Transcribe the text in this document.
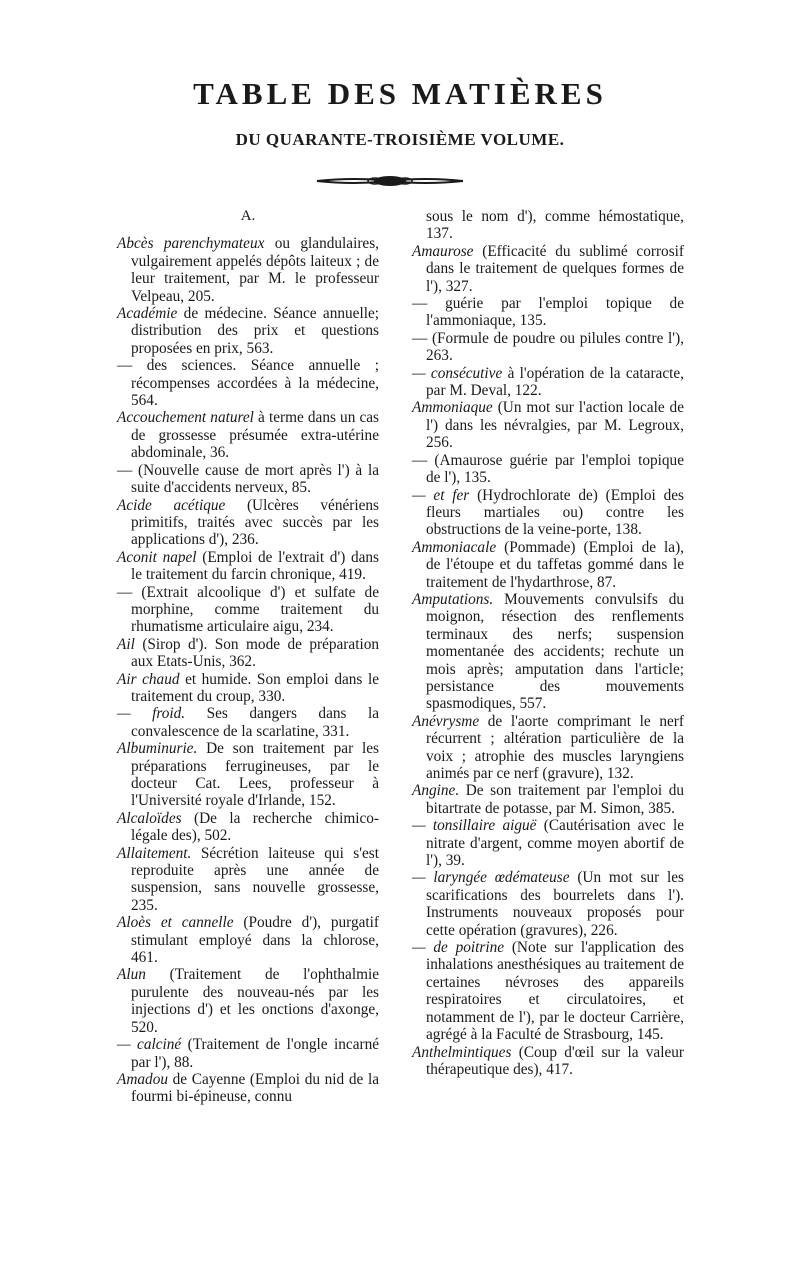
TABLE DES MATIÈRES
DU QUARANTE-TROISIÈME VOLUME.
A.
Abcès parenchymateux ou glandulaires, vulgairement appelés dépôts laiteux ; de leur traitement, par M. le professeur Velpeau, 205.
Académie de médecine. Séance annuelle; distribution des prix et questions proposées en prix, 563.
— des sciences. Séance annuelle ; récompenses accordées à la médecine, 564.
Accouchement naturel à terme dans un cas de grossesse présumée extra-utérine abdominale, 36.
— (Nouvelle cause de mort après l') à la suite d'accidents nerveux, 85.
Acide acétique (Ulcères vénériens primitifs, traités avec succès par les applications d'), 236.
Aconit napel (Emploi de l'extrait d') dans le traitement du farcin chronique, 419.
— (Extrait alcoolique d') et sulfate de morphine, comme traitement du rhumatisme articulaire aigu, 234.
Ail (Sirop d'). Son mode de préparation aux Etats-Unis, 362.
Air chaud et humide. Son emploi dans le traitement du croup, 330.
— froid. Ses dangers dans la convalescence de la scarlatine, 331.
Albuminurie. De son traitement par les préparations ferrugineuses, par le docteur Cat. Lees, professeur à l'Université royale d'Irlande, 152.
Alcaloïdes (De la recherche chimico-légale des), 502.
Allaitement. Sécrétion laiteuse qui s'est reproduite après une année de suspension, sans nouvelle grossesse, 235.
Aloès et cannelle (Poudre d'), purgatif stimulant employé dans la chlorose, 461.
Alun (Traitement de l'ophthalmie purulente des nouveau-nés par les injections d') et les onctions d'axonge, 520.
— calciné (Traitement de l'ongle incarné par l'), 88.
Amadou de Cayenne (Emploi du nid de la fourmi bi-épineuse, connu
sous le nom d'), comme hémostatique, 137.
Amaurose (Efficacité du sublimé corrosif dans le traitement de quelques formes de l'), 327.
— guérie par l'emploi topique de l'ammoniaque, 135.
— (Formule de poudre ou pilules contre l'), 263.
— consécutive à l'opération de la cataracte, par M. Deval, 122.
Ammoniaque (Un mot sur l'action locale de l') dans les névralgies, par M. Legroux, 256.
— (Amaurose guérie par l'emploi topique de l'), 135.
— et fer (Hydrochlorate de) (Emploi des fleurs martiales ou) contre les obstructions de la veine-porte, 138.
Ammoniacale (Pommade) (Emploi de la), de l'étoupe et du taffetas gommé dans le traitement de l'hydarthrose, 87.
Amputations. Mouvements convulsifs du moignon, résection des renflements terminaux des nerfs; suspension momentanée des accidents; rechute un mois après; amputation dans l'article; persistance des mouvements spasmodiques, 557.
Anévrysme de l'aorte comprimant le nerf récurrent ; altération particulière de la voix ; atrophie des muscles laryngiens animés par ce nerf (gravure), 132.
Angine. De son traitement par l'emploi du bitartrate de potasse, par M. Simon, 385.
— tonsillaire aiguë (Cautérisation avec le nitrate d'argent, comme moyen abortif de l'), 39.
— laryngée œdémateuse (Un mot sur les scarifications des bourrelets dans l'). Instruments nouveaux proposés pour cette opération (gravures), 226.
— de poitrine (Note sur l'application des inhalations anesthésiques au traitement de certaines névroses des appareils respiratoires et circulatoires, et notamment de l'), par le docteur Carrière, agrégé à la Faculté de Strasbourg, 145.
Anthelmintiques (Coup d'œil sur la valeur thérapeutique des), 417.
